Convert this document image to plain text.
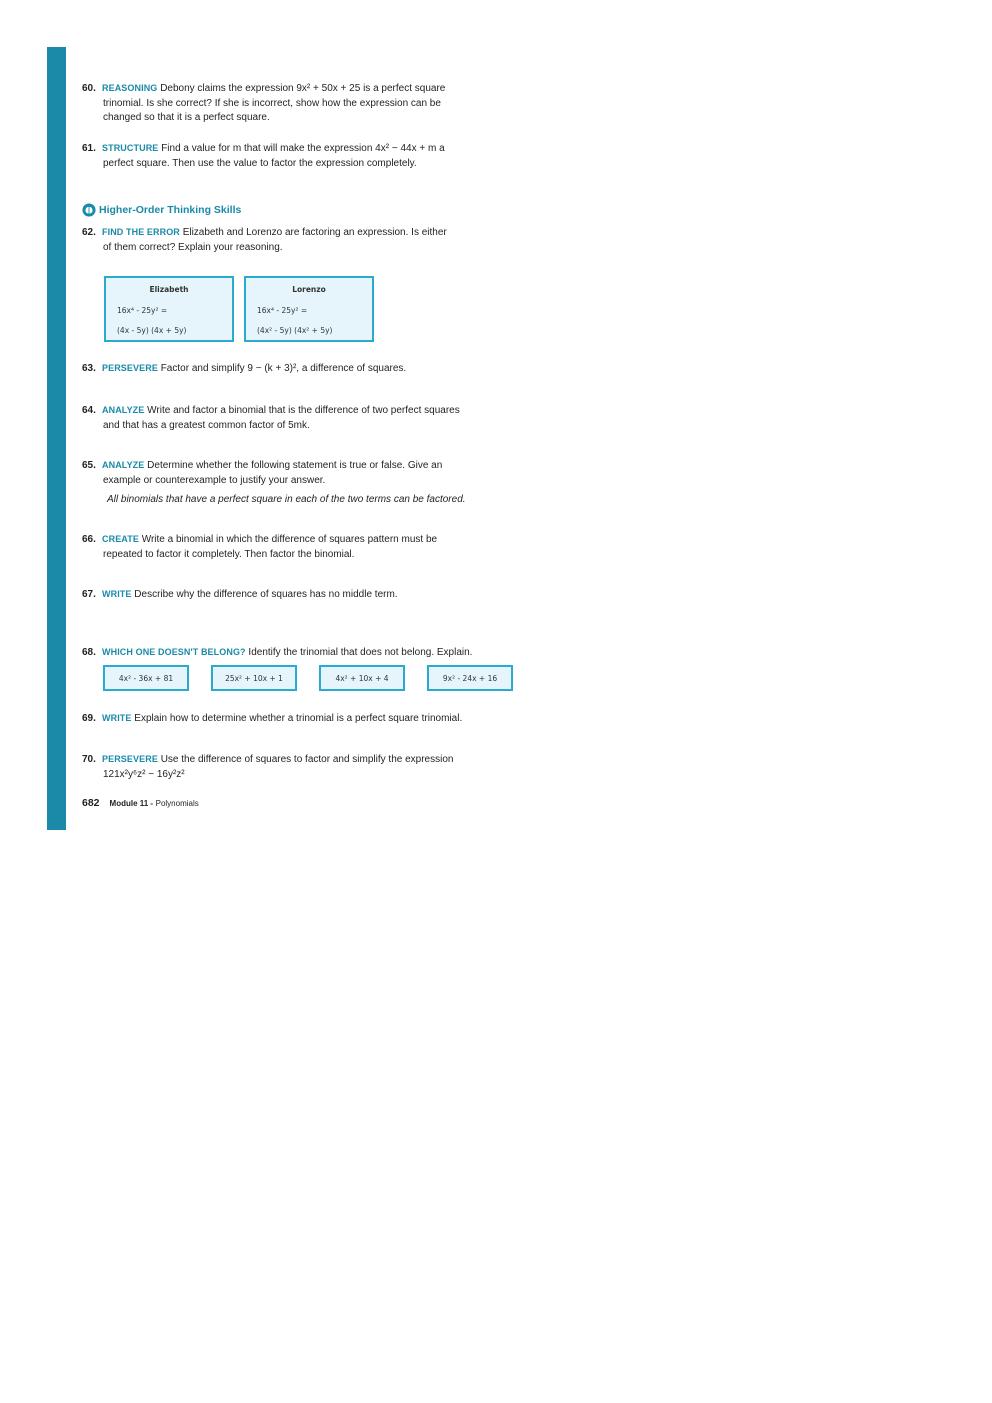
60. REASONING Debony claims the expression 9x² + 50x + 25 is a perfect square
trinomial. Is she correct? If she is incorrect, show how the expression can be
changed so that it is a perfect square.
61. STRUCTURE Find a value for m that will make the expression 4x² − 44x + m a
perfect square. Then use the value to factor the expression completely.
Higher-Order Thinking Skills
62. FIND THE ERROR Elizabeth and Lorenzo are factoring an expression. Is either
of them correct? Explain your reasoning.
Elizabeth
16x⁴ - 25y² =
(4x - 5y) (4x + 5y)
Lorenzo
16x⁴ - 25y² =
(4x² - 5y) (4x² + 5y)
63. PERSEVERE Factor and simplify 9 − (k + 3)², a difference of squares.
64. ANALYZE Write and factor a binomial that is the difference of two perfect squares
and that has a greatest common factor of 5mk.
65. ANALYZE Determine whether the following statement is true or false. Give an
example or counterexample to justify your answer.
All binomials that have a perfect square in each of the two terms can be factored.
66. CREATE Write a binomial in which the difference of squares pattern must be
repeated to factor it completely. Then factor the binomial.
67. WRITE Describe why the difference of squares has no middle term.
68. WHICH ONE DOESN'T BELONG? Identify the trinomial that does not belong. Explain.
4x² - 36x + 81	25x² + 10x + 1	4x² + 10x + 4	9x² - 24x + 16
69. WRITE Explain how to determine whether a trinomial is a perfect square trinomial.
70. PERSEVERE Use the difference of squares to factor and simplify the expression
121x²y⁶z² − 16y²z²
682 Module 11 - Polynomials
